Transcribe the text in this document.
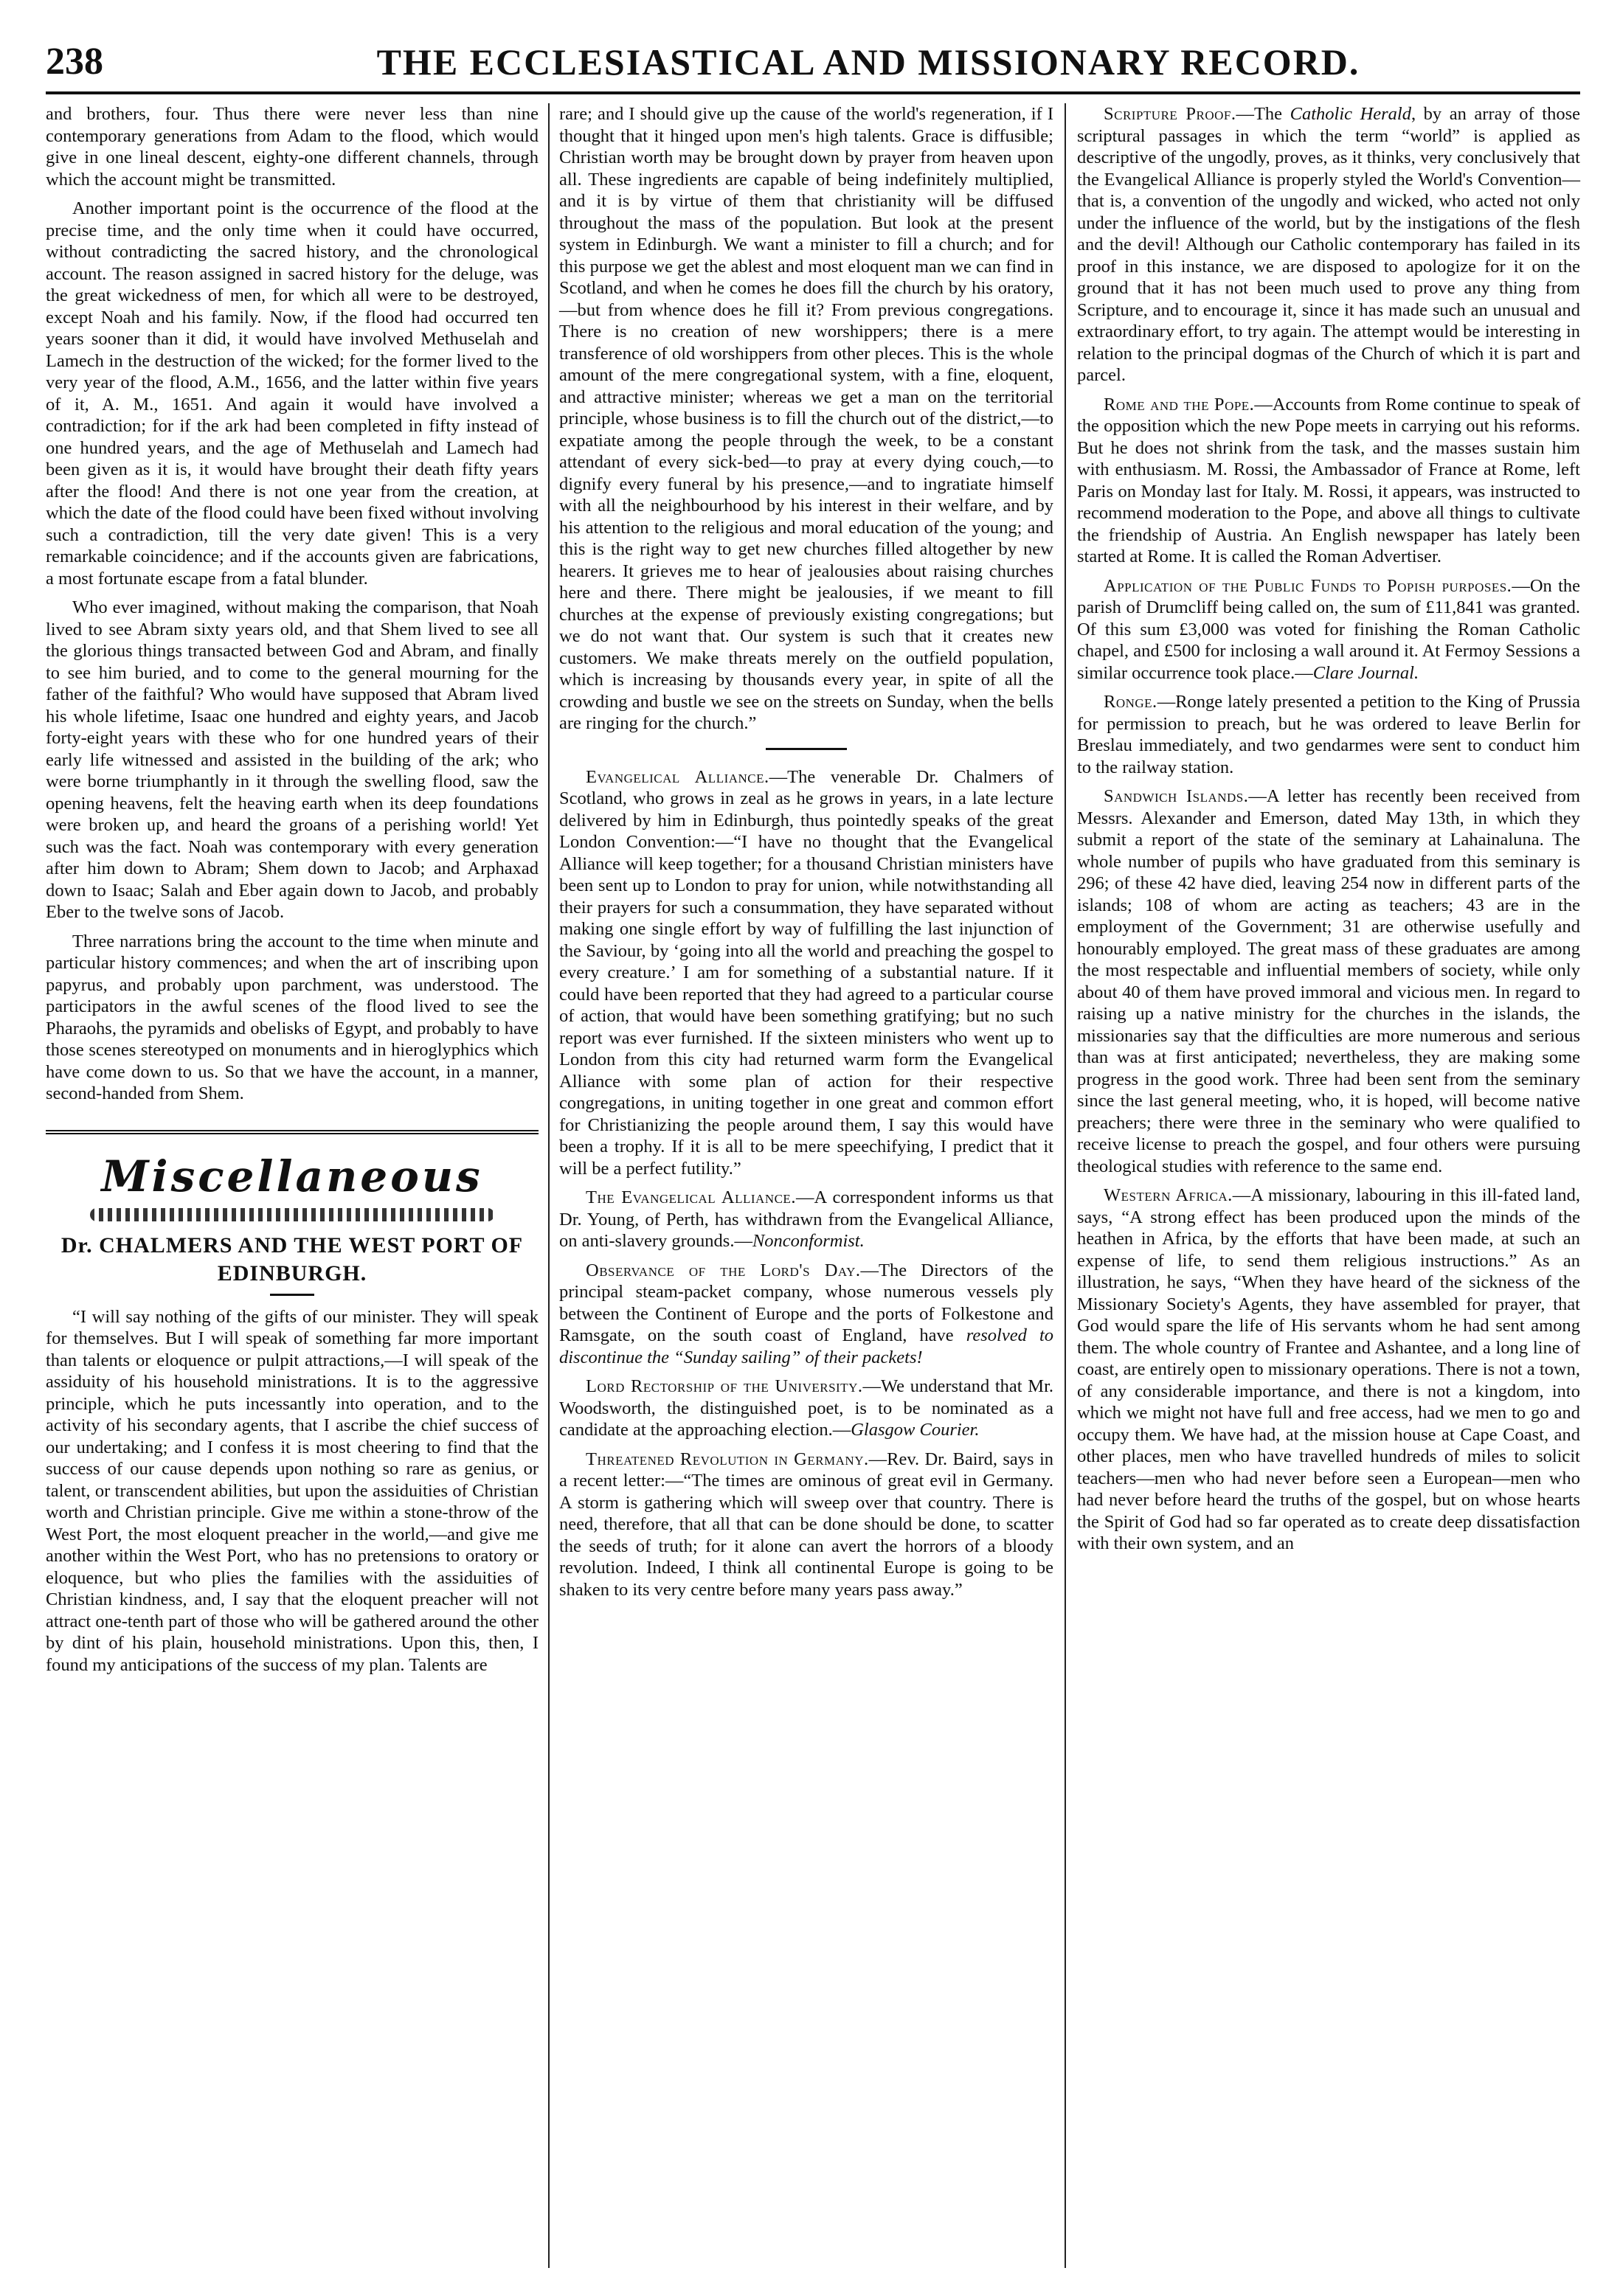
238	THE ECCLESIASTICAL AND MISSIONARY RECORD.

and brothers, four. Thus there were never less than nine contemporary generations from Adam to the flood, which would give in one lineal descent, eighty-one different channels, through which the account might be transmitted.

Another important point is the occurrence of the flood at the precise time, and the only time when it could have occurred, without contradicting the sacred history, and the chronological account. The reason assigned in sacred history for the deluge, was the great wickedness of men, for which all were to be destroyed, except Noah and his family. Now, if the flood had occurred ten years sooner than it did, it would have involved Methuselah and Lamech in the destruction of the wicked; for the former lived to the very year of the flood, A.M., 1656, and the latter within five years of it, A. M., 1651. And again it would have involved a contradiction; for if the ark had been completed in fifty instead of one hundred years, and the age of Methuselah and Lamech had been given as it is, it would have brought their death fifty years after the flood! And there is not one year from the creation, at which the date of the flood could have been fixed without involving such a contradiction, till the very date given! This is a very remarkable coincidence; and if the accounts given are fabrications, a most fortunate escape from a fatal blunder.

Who ever imagined, without making the comparison, that Noah lived to see Abram sixty years old, and that Shem lived to see all the glorious things transacted between God and Abram, and finally to see him buried, and to come to the general mourning for the father of the faithful? Who would have supposed that Abram lived his whole lifetime, Isaac one hundred and eighty years, and Jacob forty-eight years with these who for one hundred years of their early life witnessed and assisted in the building of the ark; who were borne triumphantly in it through the swelling flood, saw the opening heavens, felt the heaving earth when its deep foundations were broken up, and heard the groans of a perishing world! Yet such was the fact. Noah was contemporary with every generation after him down to Abram; Shem down to Jacob; and Arphaxad down to Isaac; Salah and Eber again down to Jacob, and probably Eber to the twelve sons of Jacob.

Three narrations bring the account to the time when minute and particular history commences; and when the art of inscribing upon papyrus, and probably upon parchment, was understood. The participators in the awful scenes of the flood lived to see the Pharaohs, the pyramids and obelisks of Egypt, and probably to have those scenes stereotyped on monuments and in hieroglyphics which have come down to us. So that we have the account, in a manner, second-handed from Shem.

Miscellaneous
Dr. CHALMERS AND THE WEST PORT OF EDINBURGH.

“I will say nothing of the gifts of our minister. They will speak for themselves. But I will speak of something far more important than talents or eloquence or pulpit attractions,—I will speak of the assiduity of his household ministrations. It is to the aggressive principle, which he puts incessantly into operation, and to the activity of his secondary agents, that I ascribe the chief success of our undertaking; and I confess it is most cheering to find that the success of our cause depends upon nothing so rare as genius, or talent, or transcendent abilities, but upon the assiduities of Christian worth and Christian principle. Give me within a stone-throw of the West Port, the most eloquent preacher in the world,—and give me another within the West Port, who has no pretensions to oratory or eloquence, but who plies the families with the assiduities of Christian kindness, and, I say that the eloquent preacher will not attract one-tenth part of those who will be gathered around the other by dint of his plain, household ministrations. Upon this, then, I found my anticipations of the success of my plan. Talents are

rare; and I should give up the cause of the world's regeneration, if I thought that it hinged upon men's high talents. Grace is diffusible; Christian worth may be brought down by prayer from heaven upon all. These ingredients are capable of being indefinitely multiplied, and it is by virtue of them that christianity will be diffused throughout the mass of the population. But look at the present system in Edinburgh. We want a minister to fill a church; and for this purpose we get the ablest and most eloquent man we can find in Scotland, and when he comes he does fill the church by his oratory,—but from whence does he fill it? From previous congregations. There is no creation of new worshippers; there is a mere transference of old worshippers from other pleces. This is the whole amount of the mere congregational system, with a fine, eloquent, and attractive minister; whereas we get a man on the territorial principle, whose business is to fill the church out of the district,—to expatiate among the people through the week, to be a constant attendant of every sick-bed—to pray at every dying couch,—to dignify every funeral by his presence,—and to ingratiate himself with all the neighbourhood by his interest in their welfare, and by his attention to the religious and moral education of the young; and this is the right way to get new churches filled altogether by new hearers. It grieves me to hear of jealousies about raising churches here and there. There might be jealousies, if we meant to fill churches at the expense of previously existing congregations; but we do not want that. Our system is such that it creates new customers. We make threats merely on the outfield population, which is increasing by thousands every year, in spite of all the crowding and bustle we see on the streets on Sunday, when the bells are ringing for the church.”

Evangelical Alliance.—The venerable Dr. Chalmers of Scotland, who grows in zeal as he grows in years, in a late lecture delivered by him in Edinburgh, thus pointedly speaks of the great London Convention:—“I have no thought that the Evangelical Alliance will keep together; for a thousand Christian ministers have been sent up to London to pray for union, while notwithstanding all their prayers for such a consummation, they have separated without making one single effort by way of fulfilling the last injunction of the Saviour, by ‘going into all the world and preaching the gospel to every creature.’ I am for something of a substantial nature. If it could have been reported that they had agreed to a particular course of action, that would have been something gratifying; but no such report was ever furnished. If the sixteen ministers who went up to London from this city had returned warm form the Evangelical Alliance with some plan of action for their respective congregations, in uniting together in one great and common effort for Christianizing the people around them, I say this would have been a trophy. If it is all to be mere speechifying, I predict that it will be a perfect futility.”

The Evangelical Alliance.—A correspondent informs us that Dr. Young, of Perth, has withdrawn from the Evangelical Alliance, on anti-slavery grounds.—Nonconformist.

Observance of the Lord's Day.—The Directors of the principal steam-packet company, whose numerous vessels ply between the Continent of Europe and the ports of Folkestone and Ramsgate, on the south coast of England, have resolved to discontinue the “Sunday sailing” of their packets!

Lord Rectorship of the University.—We understand that Mr. Woodsworth, the distinguished poet, is to be nominated as a candidate at the approaching election.—Glasgow Courier.

Threatened Revolution in Germany.—Rev. Dr. Baird, says in a recent letter:—“The times are ominous of great evil in Germany. A storm is gathering which will sweep over that country. There is need, therefore, that all that can be done should be done, to scatter the seeds of truth; for it alone can avert the horrors of a bloody revolution. Indeed, I think all continental Europe is going to be shaken to its very centre before many years pass away.”

Scripture Proof.—The Catholic Herald, by an array of those scriptural passages in which the term “world” is applied as descriptive of the ungodly, proves, as it thinks, very conclusively that the Evangelical Alliance is properly styled the World's Convention—that is, a convention of the ungodly and wicked, who acted not only under the influence of the world, but by the instigations of the flesh and the devil! Although our Catholic contemporary has failed in its proof in this instance, we are disposed to apologize for it on the ground that it has not been much used to prove any thing from Scripture, and to encourage it, since it has made such an unusual and extraordinary effort, to try again. The attempt would be interesting in relation to the principal dogmas of the Church of which it is part and parcel.

Rome and the Pope.—Accounts from Rome continue to speak of the opposition which the new Pope meets in carrying out his reforms. But he does not shrink from the task, and the masses sustain him with enthusiasm. M. Rossi, the Ambassador of France at Rome, left Paris on Monday last for Italy. M. Rossi, it appears, was instructed to recommend moderation to the Pope, and above all things to cultivate the friendship of Austria. An English newspaper has lately been started at Rome. It is called the Roman Advertiser.

Application of the Public Funds to Popish purposes.—On the parish of Drumcliff being called on, the sum of £11,841 was granted. Of this sum £3,000 was voted for finishing the Roman Catholic chapel, and £500 for inclosing a wall around it. At Fermoy Sessions a similar occurrence took place.—Clare Journal.

Ronge.—Ronge lately presented a petition to the King of Prussia for permission to preach, but he was ordered to leave Berlin for Breslau immediately, and two gendarmes were sent to conduct him to the railway station.

Sandwich Islands.—A letter has recently been received from Messrs. Alexander and Emerson, dated May 13th, in which they submit a report of the state of the seminary at Lahainaluna. The whole number of pupils who have graduated from this seminary is 296; of these 42 have died, leaving 254 now in different parts of the islands; 108 of whom are acting as teachers; 43 are in the employment of the Government; 31 are otherwise usefully and honourably employed. The great mass of these graduates are among the most respectable and influential members of society, while only about 40 of them have proved immoral and vicious men. In regard to raising up a native ministry for the churches in the islands, the missionaries say that the difficulties are more numerous and serious than was at first anticipated; nevertheless, they are making some progress in the good work. Three had been sent from the seminary since the last general meeting, who, it is hoped, will become native preachers; there were three in the seminary who were qualified to receive license to preach the gospel, and four others were pursuing theological studies with reference to the same end.

Western Africa.—A missionary, labouring in this ill-fated land, says, “A strong effect has been produced upon the minds of the heathen in Africa, by the efforts that have been made, at such an expense of life, to send them religious instructions.” As an illustration, he says, “When they have heard of the sickness of the Missionary Society's Agents, they have assembled for prayer, that God would spare the life of His servants whom he had sent among them. The whole country of Frantee and Ashantee, and a long line of coast, are entirely open to missionary operations. There is not a town, of any considerable importance, and there is not a kingdom, into which we might not have full and free access, had we men to go and occupy them. We have had, at the mission house at Cape Coast, and other places, men who have travelled hundreds of miles to solicit teachers—men who had never before seen a European—men who had never before heard the truths of the gospel, but on whose hearts the Spirit of God had so far operated as to create deep dissatisfaction with their own system, and an
